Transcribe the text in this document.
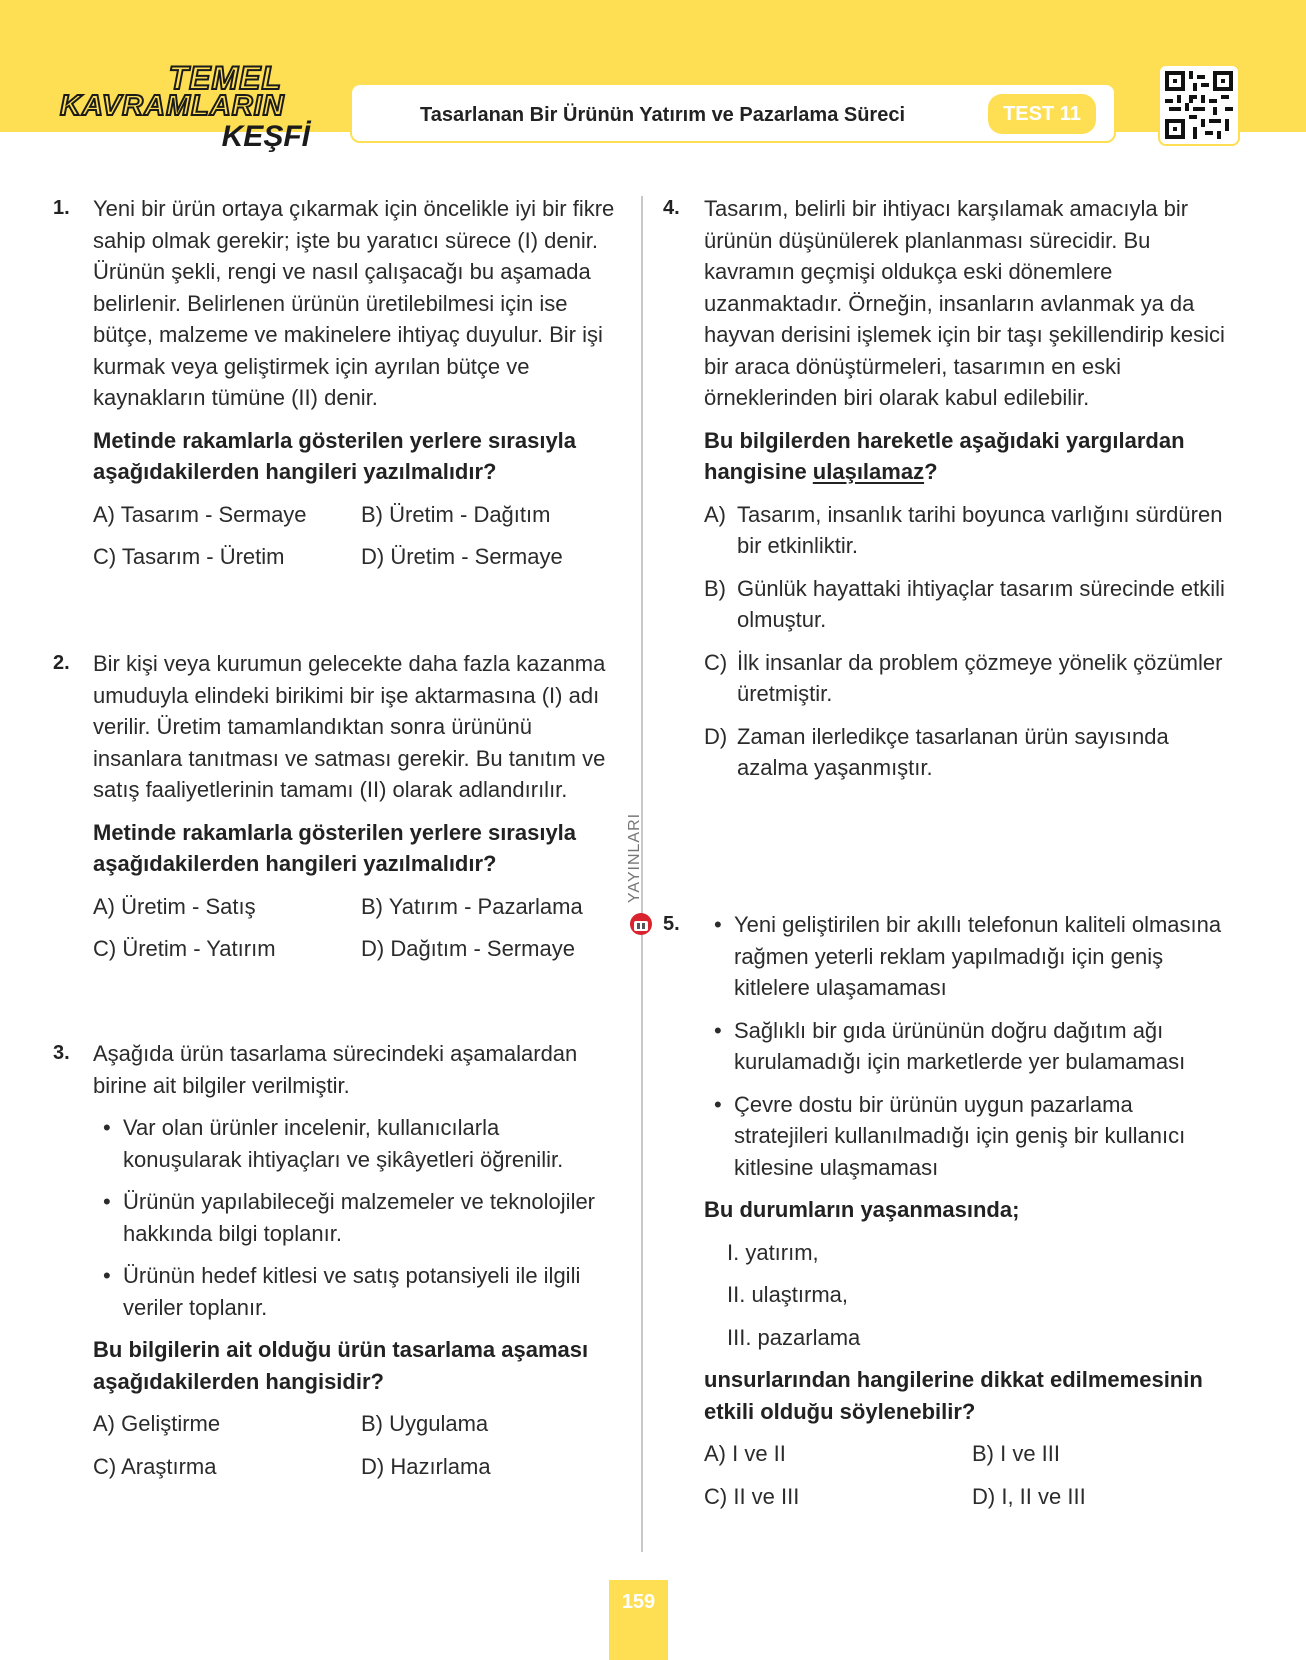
TEMEL
KAVRAMLARIN
KEŞFİ
Tasarlanan Bir Ürünün Yatırım ve Pazarlama Süreci	TEST 11
YAYINLARI
1. Yeni bir ürün ortaya çıkarmak için öncelikle iyi bir fikre sahip olmak gerekir; işte bu yaratıcı sürece (I) denir. Ürünün şekli, rengi ve nasıl çalışacağı bu aşamada belirlenir. Belirlenen ürünün üretilebilmesi için ise bütçe, malzeme ve makinelere ihtiyaç duyulur. Bir işi kurmak veya geliştirmek için ayrılan bütçe ve kaynakların tümüne (II) denir.

Metinde rakamlarla gösterilen yerlere sırasıyla aşağıdakilerden hangileri yazılmalıdır?

A) Tasarım - Sermaye	B) Üretim - Dağıtım
C) Tasarım - Üretim	D) Üretim - Sermaye
2. Bir kişi veya kurumun gelecekte daha fazla kazanma umuduyla elindeki birikimi bir işe aktarmasına (I) adı verilir. Üretim tamamlandıktan sonra ürününü insanlara tanıtması ve satması gerekir. Bu tanıtım ve satış faaliyetlerinin tamamı (II) olarak adlandırılır.

Metinde rakamlarla gösterilen yerlere sırasıyla aşağıdakilerden hangileri yazılmalıdır?

A) Üretim - Satış	B) Yatırım - Pazarlama
C) Üretim - Yatırım	D) Dağıtım - Sermaye
3. Aşağıda ürün tasarlama sürecindeki aşamalardan birine ait bilgiler verilmiştir.

• Var olan ürünler incelenir, kullanıcılarla konuşularak ihtiyaçları ve şikâyetleri öğrenilir.
• Ürünün yapılabileceği malzemeler ve teknolojiler hakkında bilgi toplanır.
• Ürünün hedef kitlesi ve satış potansiyeli ile ilgili veriler toplanır.

Bu bilgilerin ait olduğu ürün tasarlama aşaması aşağıdakilerden hangisidir?

A) Geliştirme	B) Uygulama
C) Araştırma	D) Hazırlama
4. Tasarım, belirli bir ihtiyacı karşılamak amacıyla bir ürünün düşünülerek planlanması sürecidir. Bu kavramın geçmişi oldukça eski dönemlere uzanmaktadır. Örneğin, insanların avlanmak ya da hayvan derisini işlemek için bir taşı şekillendirip kesici bir araca dönüştürmeleri, tasarımın en eski örneklerinden biri olarak kabul edilebilir.

Bu bilgilerden hareketle aşağıdaki yargılardan hangisine ulaşılamaz?

A) Tasarım, insanlık tarihi boyunca varlığını sürdüren bir etkinliktir.
B) Günlük hayattaki ihtiyaçlar tasarım sürecinde etkili olmuştur.
C) İlk insanlar da problem çözmeye yönelik çözümler üretmiştir.
D) Zaman ilerledikçe tasarlanan ürün sayısında azalma yaşanmıştır.
5.
•	Yeni geliştirilen bir akıllı telefonun kaliteli olmasına rağmen yeterli reklam yapılmadığı için geniş kitlelere ulaşamaması
• Sağlıklı bir gıda ürününün doğru dağıtım ağı kurulamadığı için marketlerde yer bulamaması
• Çevre dostu bir ürünün uygun pazarlama stratejileri kullanılmadığı için geniş bir kullanıcı kitlesine ulaşmaması

Bu durumların yaşanmasında;

I. yatırım,
II. ulaştırma,
III. pazarlama

unsurlarından hangilerine dikkat edilmemesinin etkili olduğu söylenebilir?

A) I ve II	B) I ve III
C) II ve III	D) I, II ve III
159
